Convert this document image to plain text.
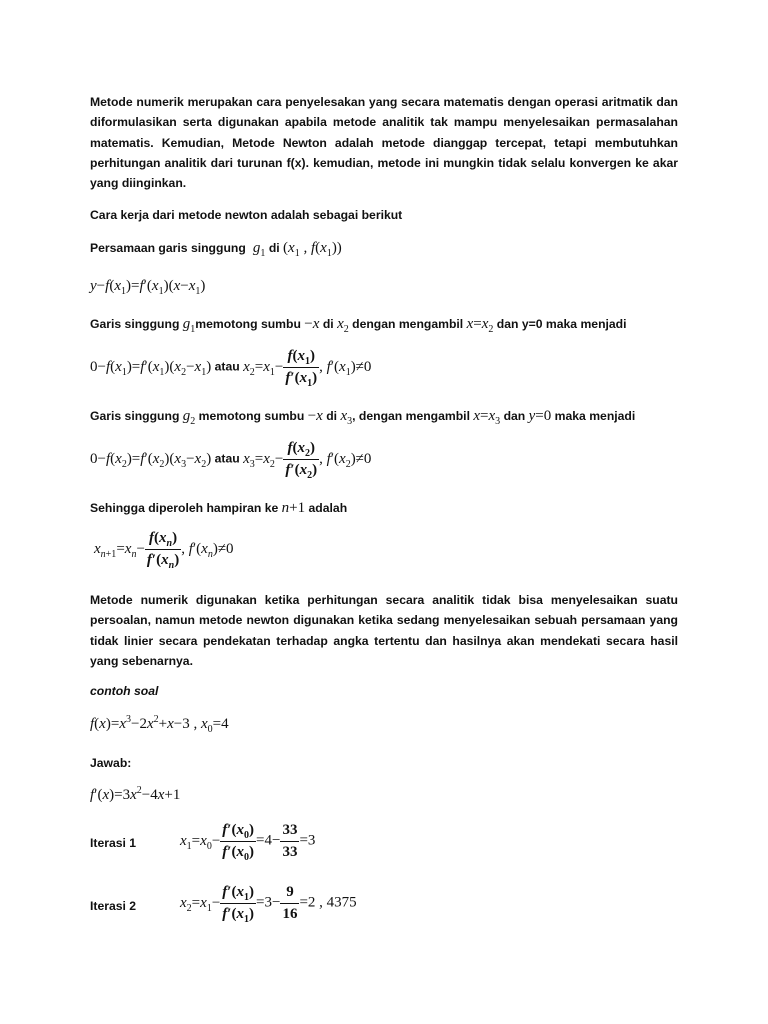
Metode numerik merupakan cara penyelesakan yang secara matematis dengan operasi aritmatik dan diformulasikan serta digunakan apabila metode analitik tak mampu menyelesaikan permasalahan matematis. Kemudian, Metode Newton adalah metode dianggap tercepat, tetapi membutuhkan perhitungan analitik dari turunan f(x). kemudian, metode ini mungkin tidak selalu konvergen ke akar yang diinginkan.
Cara kerja dari metode newton adalah sebagai berikut
Persamaan garis singgung  $g_1$ di ($x_1$ , $f(x_1)$)
$y-f(x_1)=f'(x_1)(x-x_1)$
Garis singgung $g_1memotong$ sumbu −x di $x_2$ dengan mengambil $x=x_2$ dan y=0 maka menjadi
$0-f(x_1)=f'(x_1)(x_2-x_1)$ atau $x_2=x_1- \frac{f(x_1)}{f'(x_1)}$ , $f'(x_1)\ne 0$
Garis singgung $g_2$ memotong sumbu −x di $x_3$, dengan mengambil $x=x_3$ dan y=0 maka menjadi
$0-f(x_2)=f'(x_2)(x_3-x_2)$ atau $x_3=x_2- \frac{f(x_2)}{f'(x_2)}$ , $f'(x_2)\ne 0$
Sehingga diperoleh hampiran ke n+1 adalah
$x_{n+1}=x_n- \frac{f(x_n)}{f'(x_n)}$ , $f'(x_n)\ne 0$
Metode numerik digunakan ketika perhitungan secara analitik tidak bisa menyelesaikan suatu persoalan, namun metode newton digunakan ketika sedang menyelesaikan sebuah persamaan yang tidak linier secara pendekatan terhadap angka tertentu dan hasilnya akan mendekati secara hasil yang sebenarnya.
contoh soal
$f(x)=x^3-2x^2+x-3$ , $x_0=4$
Jawab:
$f'(x)=3x^2-4x+1$
Iterasi 1	$x_1=x_0- \frac{f'(x_0)}{f'(x_0)} =4- \frac{33}{33} =3$
Iterasi 2	$x_2=x_1- \frac{f'(x_1)}{f'(x_1)} =3- \frac{9}{16} =2$ , 4375
